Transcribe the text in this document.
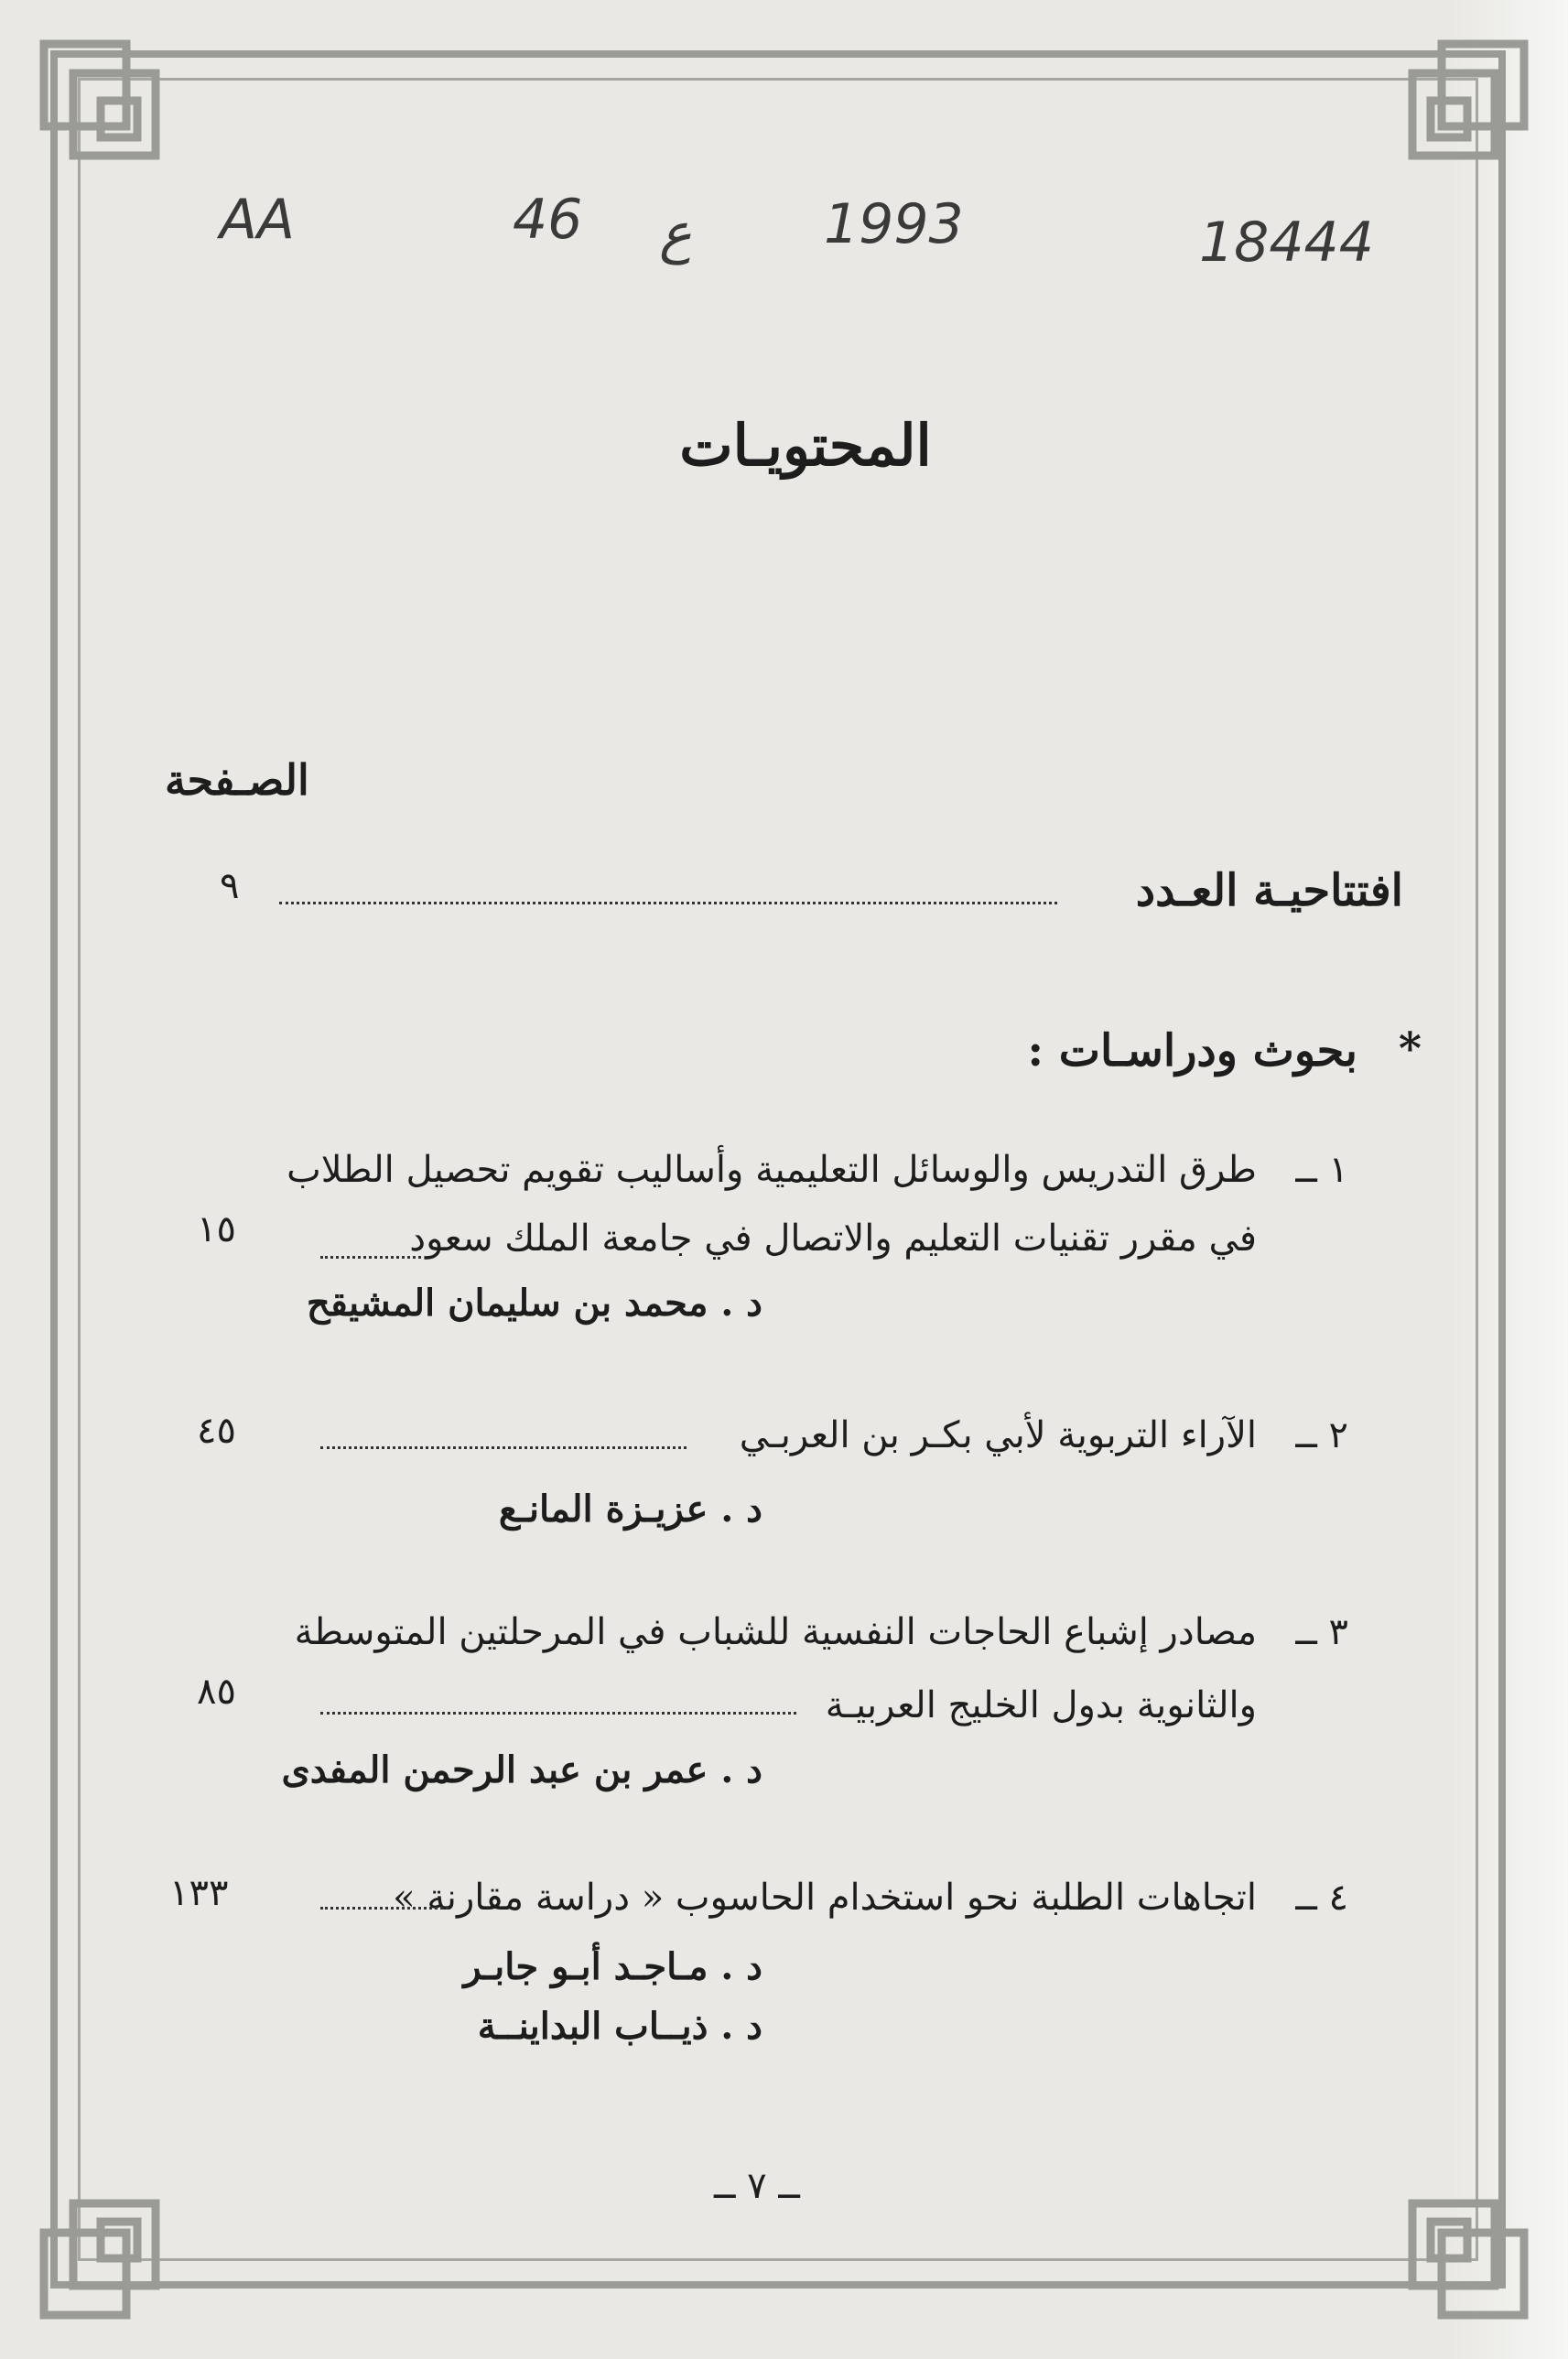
AA	46 ع 1993	18444
المحتويـات
الصـفحة
افتتاحيـة العـدد
٩
بحوث ودراسـات : *
١ ــ
طرق التدريس والوسائل التعليمية وأساليب تقويم تحصيل الطلاب
في مقرر تقنيات التعليم والاتصال في جامعة الملك سعود
١٥
د . محمد بن سليمان المشيقح
٢ ــ
الآراء التربوية لأبي بكـر بن العربـي
٤٥
د . عزيـزة المانـع
٣ ــ
مصادر إشباع الحاجات النفسية للشباب في المرحلتين المتوسطة
والثانوية بدول الخليج العربيـة
٨٥
د . عمر بن عبد الرحمن المفدى
٤ ــ
اتجاهات الطلبة نحو استخدام الحاسوب « دراسة مقارنة »
١٣٣
د . مـاجـد أبـو جابـر
د . ذيــاب البداينــة
ــ ٧ ــ
